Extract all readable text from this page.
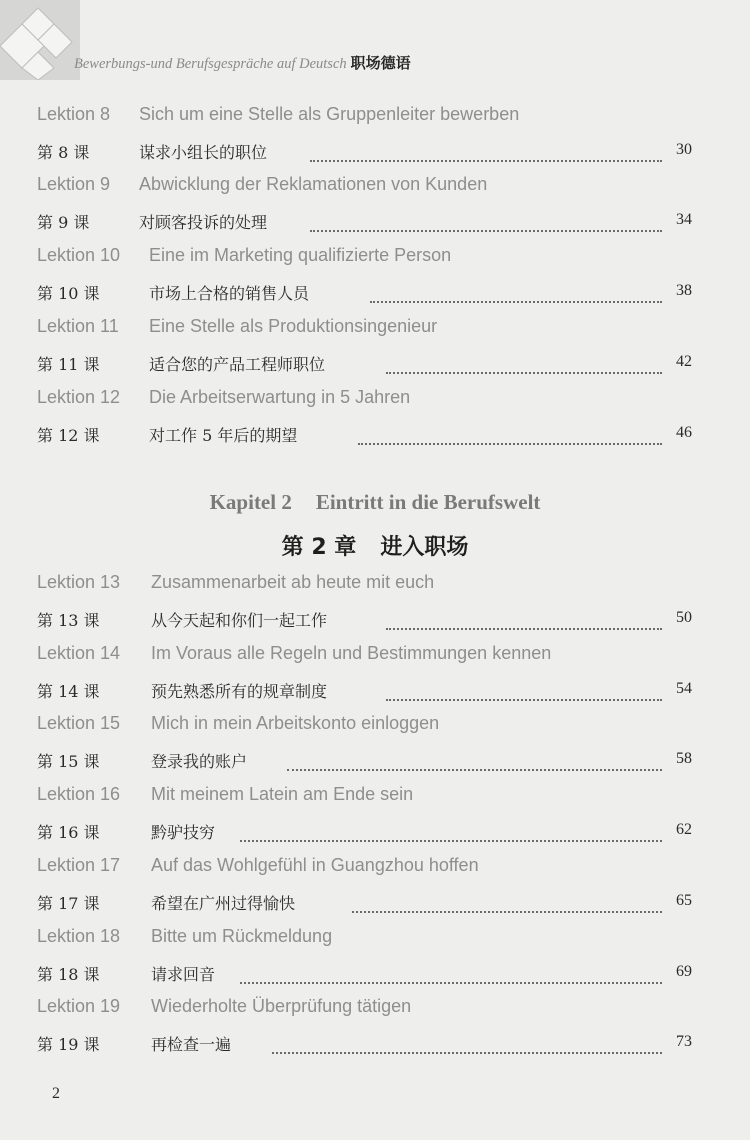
Bewerbungs-und Berufsgespräche auf Deutsch 职场德语
Lektion 8 Sich um eine Stelle als Gruppenleiter bewerben
第 8 课	谋求小组长的职位	30
Lektion 9 Abwicklung der Reklamationen von Kunden
第 9 课	对顾客投诉的处理	34
Lektion 10 Eine im Marketing qualifizierte Person
第 10 课	市场上合格的销售人员	38
Lektion 11 Eine Stelle als Produktionsingenieur
第 11 课	适合您的产品工程师职位	42
Lektion 12 Die Arbeitserwartung in 5 Jahren
第 12 课	对工作 5 年后的期望	46
Kapitel 2 Eintritt in die Berufswelt
第 2 章 进入职场
Lektion 13 Zusammenarbeit ab heute mit euch
第 13 课	从今天起和你们一起工作	50
Lektion 14 Im Voraus alle Regeln und Bestimmungen kennen
第 14 课	预先熟悉所有的规章制度	54
Lektion 15 Mich in mein Arbeitskonto einloggen
第 15 课	登录我的账户	58
Lektion 16 Mit meinem Latein am Ende sein
第 16 课	黔驴技穷	62
Lektion 17 Auf das Wohlgefühl in Guangzhou hoffen
第 17 课	希望在广州过得愉快	65
Lektion 18 Bitte um Rückmeldung
第 18 课	请求回音	69
Lektion 19 Wiederholte Überprüfung tätigen
第 19 课	再检查一遍	73
2
